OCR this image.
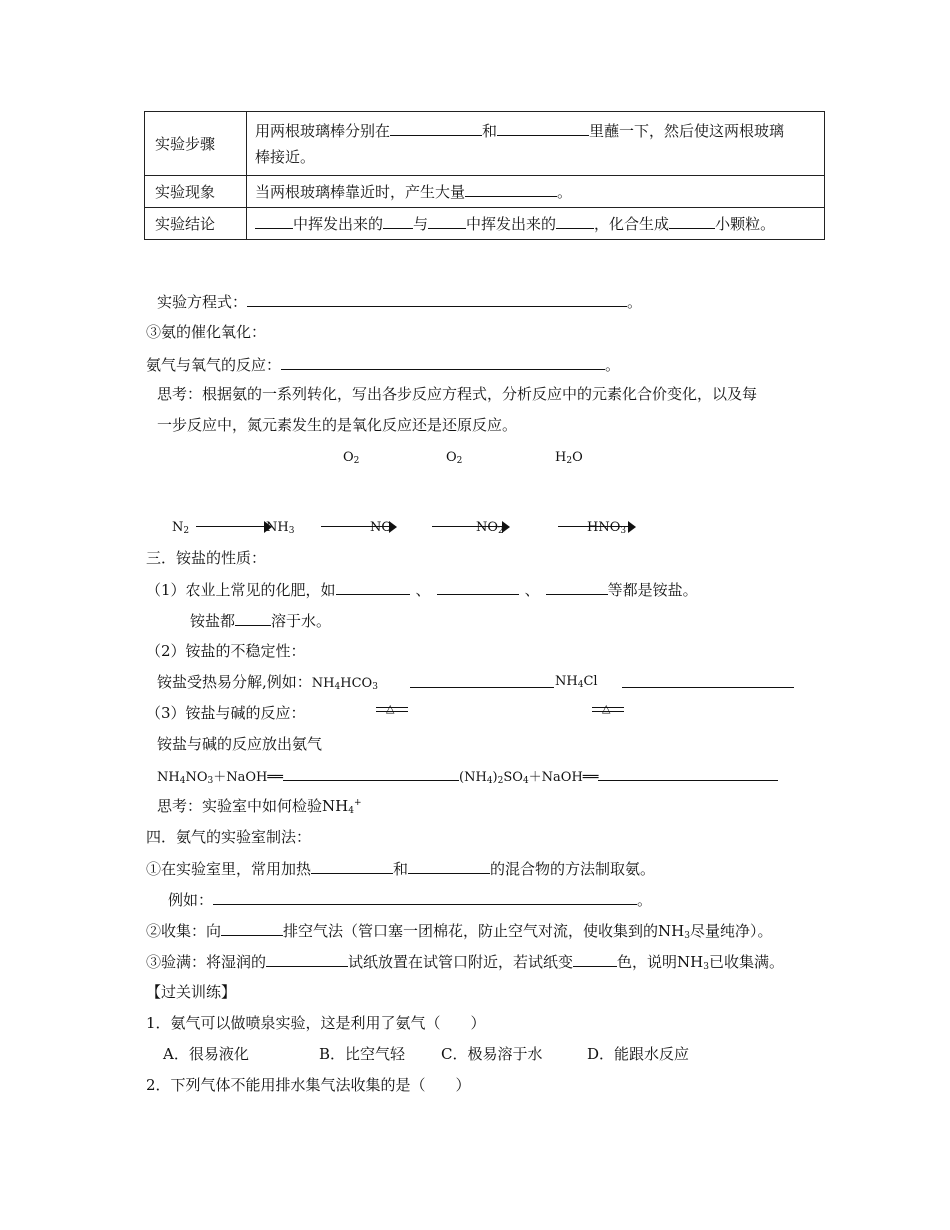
实验步骤	用两根玻璃棒分别在 和 里蘸一下，然后使这两根玻璃
棒接近。

实验现象	当两根玻璃棒靠近时，产生大量 。
实验结论	中挥发出来的 与 中挥发出来的 ，化合生成 小颗粒。
实验方程式：	。
③氨的催化氧化：
氨气与氧气的反应：	。
思考：根据氨的一系列转化，写出各步反应方程式，分析反应中的元素化合价变化，以及每
一步反应中，氮元素发生的是氧化反应还是还原反应。
$O_2$	$O_2$	$H_2O$
$N_2$	$NH_3$	NO	$NO_2$	$HNO_3$
三．铵盐的性质：
（1）农业上常见的化肥，如	、	、	等都是铵盐。
铵盐都 溶于水。
（2）铵盐的不稳定性：
铵盐受热易分解,例如：$NH_4HCO_3$	$NH_4Cl$
（3）铵盐与碱的反应：	△	△
铵盐与碱的反应放出氨气
$NH_4NO_3+NaOH══$	$(NH_4)_2SO_4+NaOH══$
思考：实验室中如何检验$NH_4^+$
四．氨气的实验室制法：
①在实验室里，常用加热	和	的混合物的方法制取氨。
例如：	。
②收集：向	排空气法（管口塞一团棉花，防止空气对流，使收集到的$NH_3$尽量纯净）。
③验满：将湿润的	试纸放置在试管口附近，若试纸变	色，说明$NH_3$已收集满。
【过关训练】
1．氨气可以做喷泉实验，这是利用了氨气（　　）
A．很易液化	B．比空气轻 C．极易溶于水	D．能跟水反应
2．下列气体不能用排水集气法收集的是（　　）
